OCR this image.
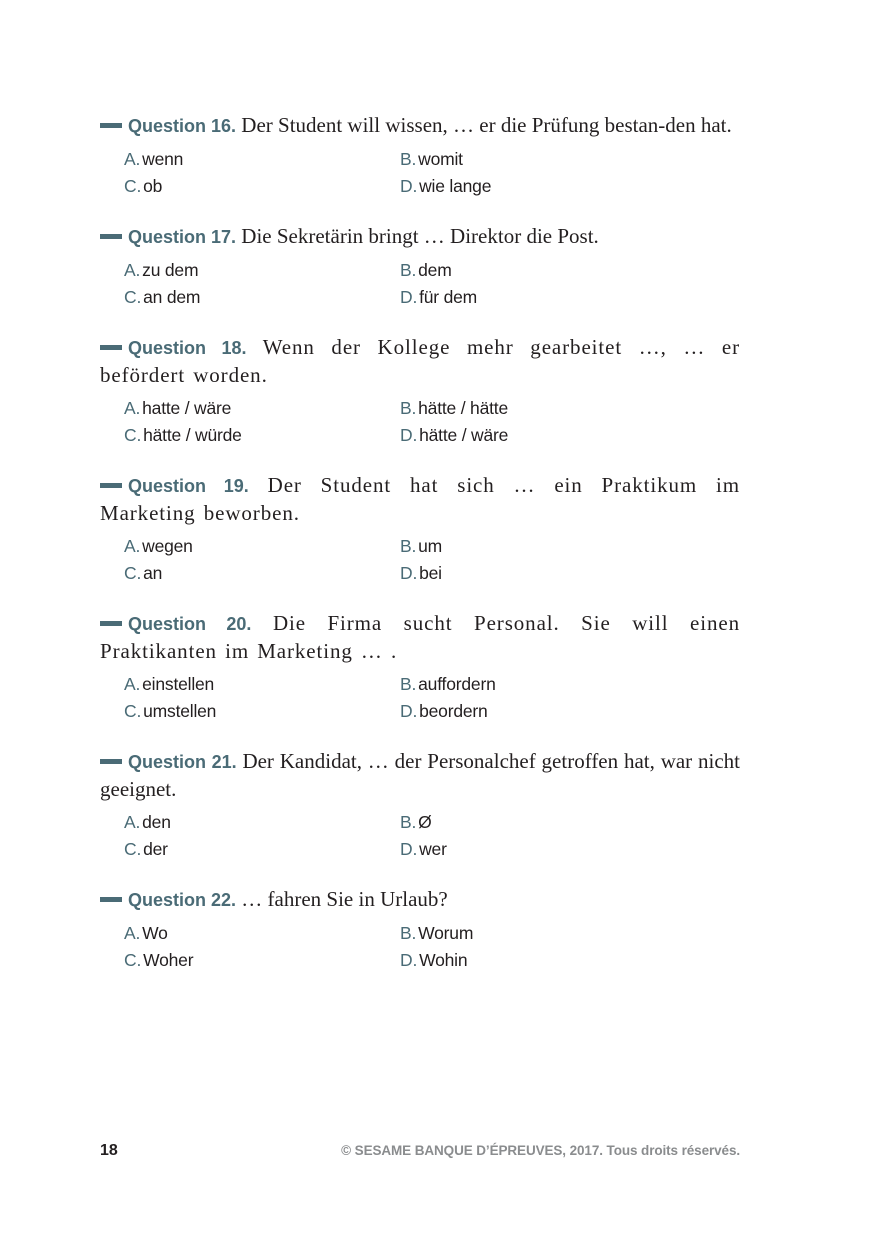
Question 16. Der Student will wissen, … er die Prüfung bestan-den hat.

A. wenn	B. womit
C. ob	D. wie lange

Question 17. Die Sekretärin bringt … Direktor die Post.

A. zu dem	B. dem
C. an dem	D. für dem

Question 18. Wenn der Kollege mehr gearbeitet …, … er befördert worden.

A. hatte / wäre	B. hätte / hätte
C. hätte / würde	D. hätte / wäre

Question 19. Der Student hat sich … ein Praktikum im Marketing beworben.

A. wegen	B. um
C. an	D. bei

Question 20. Die Firma sucht Personal. Sie will einen Praktikanten im Marketing … .

A. einstellen	B. auffordern
C. umstellen	D. beordern

Question 21. Der Kandidat, … der Personalchef getroffen hat, war nicht geeignet.

A. den	B. Ø
C. der	D. wer

Question 22. … fahren Sie in Urlaub?

A. Wo	B. Worum
C. Woher	D. Wohin
18	© SESAME BANQUE D’ÉPREUVES, 2017. Tous droits réservés.
